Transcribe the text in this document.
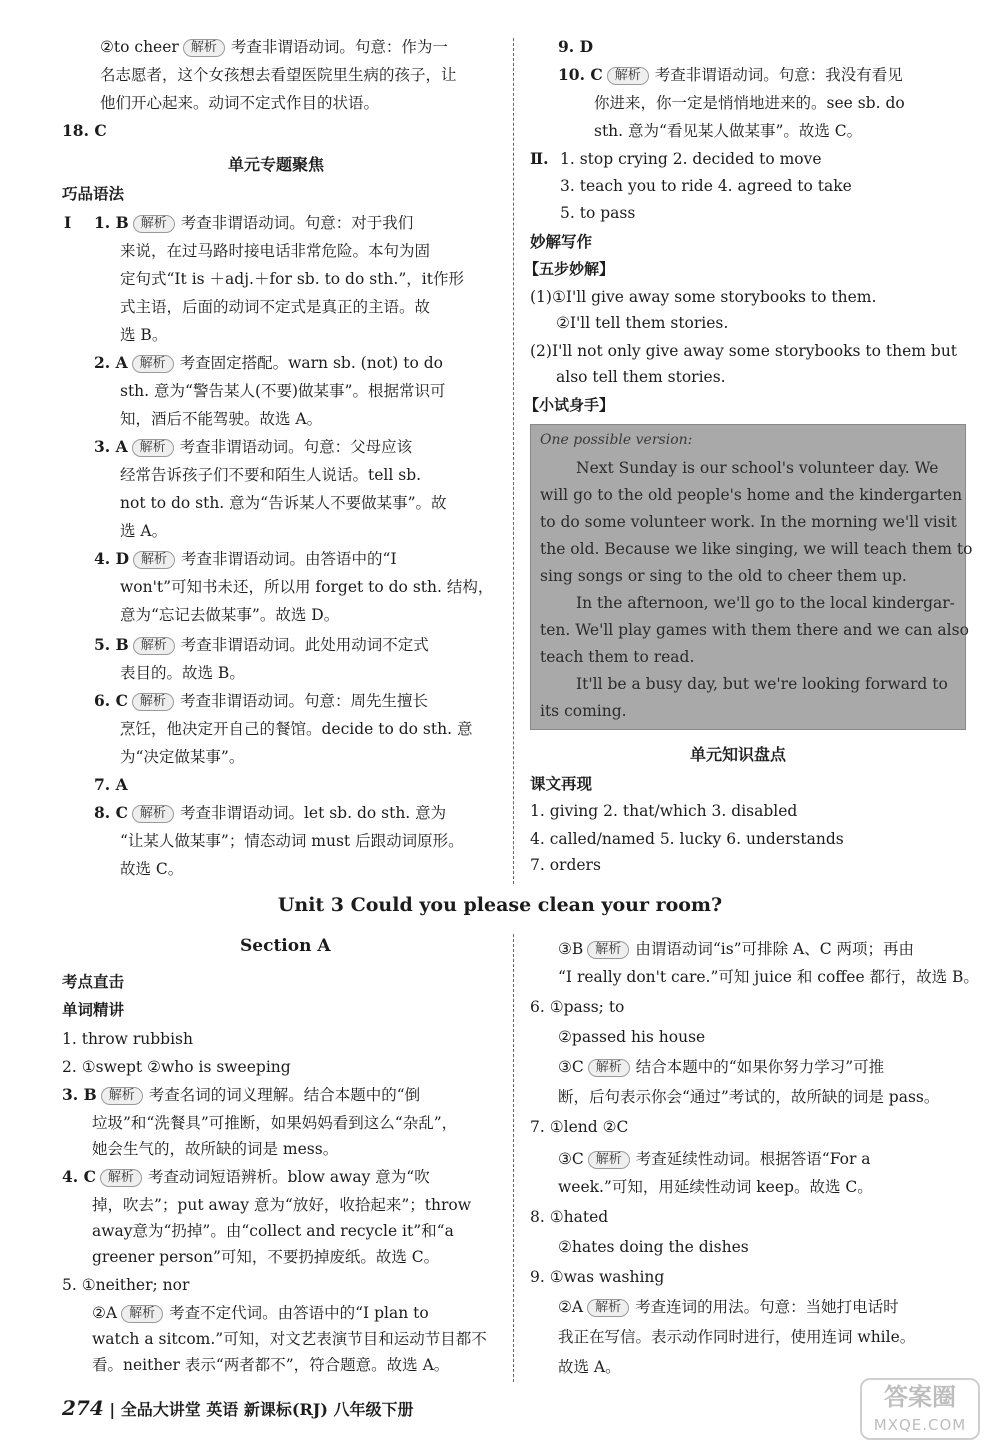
②to cheer 解析 考查非谓语动词。句意：作为一
名志愿者，这个女孩想去看望医院里生病的孩子，让
他们开心起来。动词不定式作目的状语。
18. C
单元专题聚焦
巧品语法
Ⅰ 1. B 解析 考查非谓语动词。句意：对于我们
来说，在过马路时接电话非常危险。本句为固
定句式“It is ＋adj.＋for sb. to do sth.”，it作形
式主语，后面的动词不定式是真正的主语。故
选 B。
2. A 解析 考查固定搭配。warn sb. (not) to do
sth. 意为“警告某人(不要)做某事”。根据常识可
知，酒后不能驾驶。故选 A。
3. A 解析 考查非谓语动词。句意：父母应该
经常告诉孩子们不要和陌生人说话。tell sb.
not to do sth. 意为“告诉某人不要做某事”。故
选 A。
4. D 解析 考查非谓语动词。由答语中的“I
won't”可知书未还，所以用 forget to do sth. 结构，
意为“忘记去做某事”。故选 D。
5. B 解析 考查非谓语动词。此处用动词不定式
表目的。故选 B。
6. C 解析 考查非谓语动词。句意：周先生擅长
烹饪，他决定开自己的餐馆。decide to do sth. 意
为“决定做某事”。
7. A
8. C 解析 考查非谓语动词。let sb. do sth. 意为
“让某人做某事”；情态动词 must 后跟动词原形。
故选 C。
9. D
10. C 解析 考查非谓语动词。句意：我没有看见
你进来，你一定是悄悄地进来的。see sb. do
sth. 意为“看见某人做某事”。故选 C。
Ⅱ. 1. stop crying 2. decided to move
3. teach you to ride 4. agreed to take
5. to pass
妙解写作
【五步妙解】
(1)①I'll give away some storybooks to them.
②I'll tell them stories.
(2)I'll not only give away some storybooks to them but
also tell them stories.
【小试身手】
One possible version:
Next Sunday is our school's volunteer day. We
will go to the old people's home and the kindergarten
to do some volunteer work. In the morning we'll visit
the old. Because we like singing, we will teach them to
sing songs or sing to the old to cheer them up.
In the afternoon, we'll go to the local kindergar-
ten. We'll play games with them there and we can also
teach them to read.
It'll be a busy day, but we're looking forward to
its coming.
单元知识盘点
课文再现
1. giving 2. that/which 3. disabled
4. called/named 5. lucky 6. understands
7. orders
Unit 3 Could you please clean your room?
Section A
考点直击
单词精讲
1. throw rubbish
2. ①swept ②who is sweeping
3. B 解析 考查名词的词义理解。结合本题中的“倒
垃圾”和“洗餐具”可推断，如果妈妈看到这么“杂乱”，
她会生气的，故所缺的词是 mess。
4. C 解析 考查动词短语辨析。blow away 意为“吹
掉，吹去”；put away 意为“放好，收拾起来”；throw
away意为“扔掉”。由“collect and recycle it”和“a
greener person”可知，不要扔掉废纸。故选 C。
5. ①neither; nor
②A 解析 考查不定代词。由答语中的“I plan to
watch a sitcom.”可知，对文艺表演节目和运动节目都不
看。neither 表示“两者都不”，符合题意。故选 A。
③B 解析 由谓语动词“is”可排除 A、C 两项；再由
“I really don't care.”可知 juice 和 coffee 都行，故选 B。
6. ①pass; to
②passed his house
③C 解析 结合本题中的“如果你努力学习”可推
断，后句表示你会“通过”考试的，故所缺的词是 pass。
7. ①lend ②C
③C 解析 考查延续性动词。根据答语“For a
week.”可知，用延续性动词 keep。故选 C。
8. ①hated
②hates doing the dishes
9. ①was washing
②A 解析 考查连词的用法。句意：当她打电话时
我正在写信。表示动作同时进行，使用连词 while。
故选 A。
274 | 全品大讲堂 英语 新课标(RJ) 八年级下册	答案圈
MXQE.COM
